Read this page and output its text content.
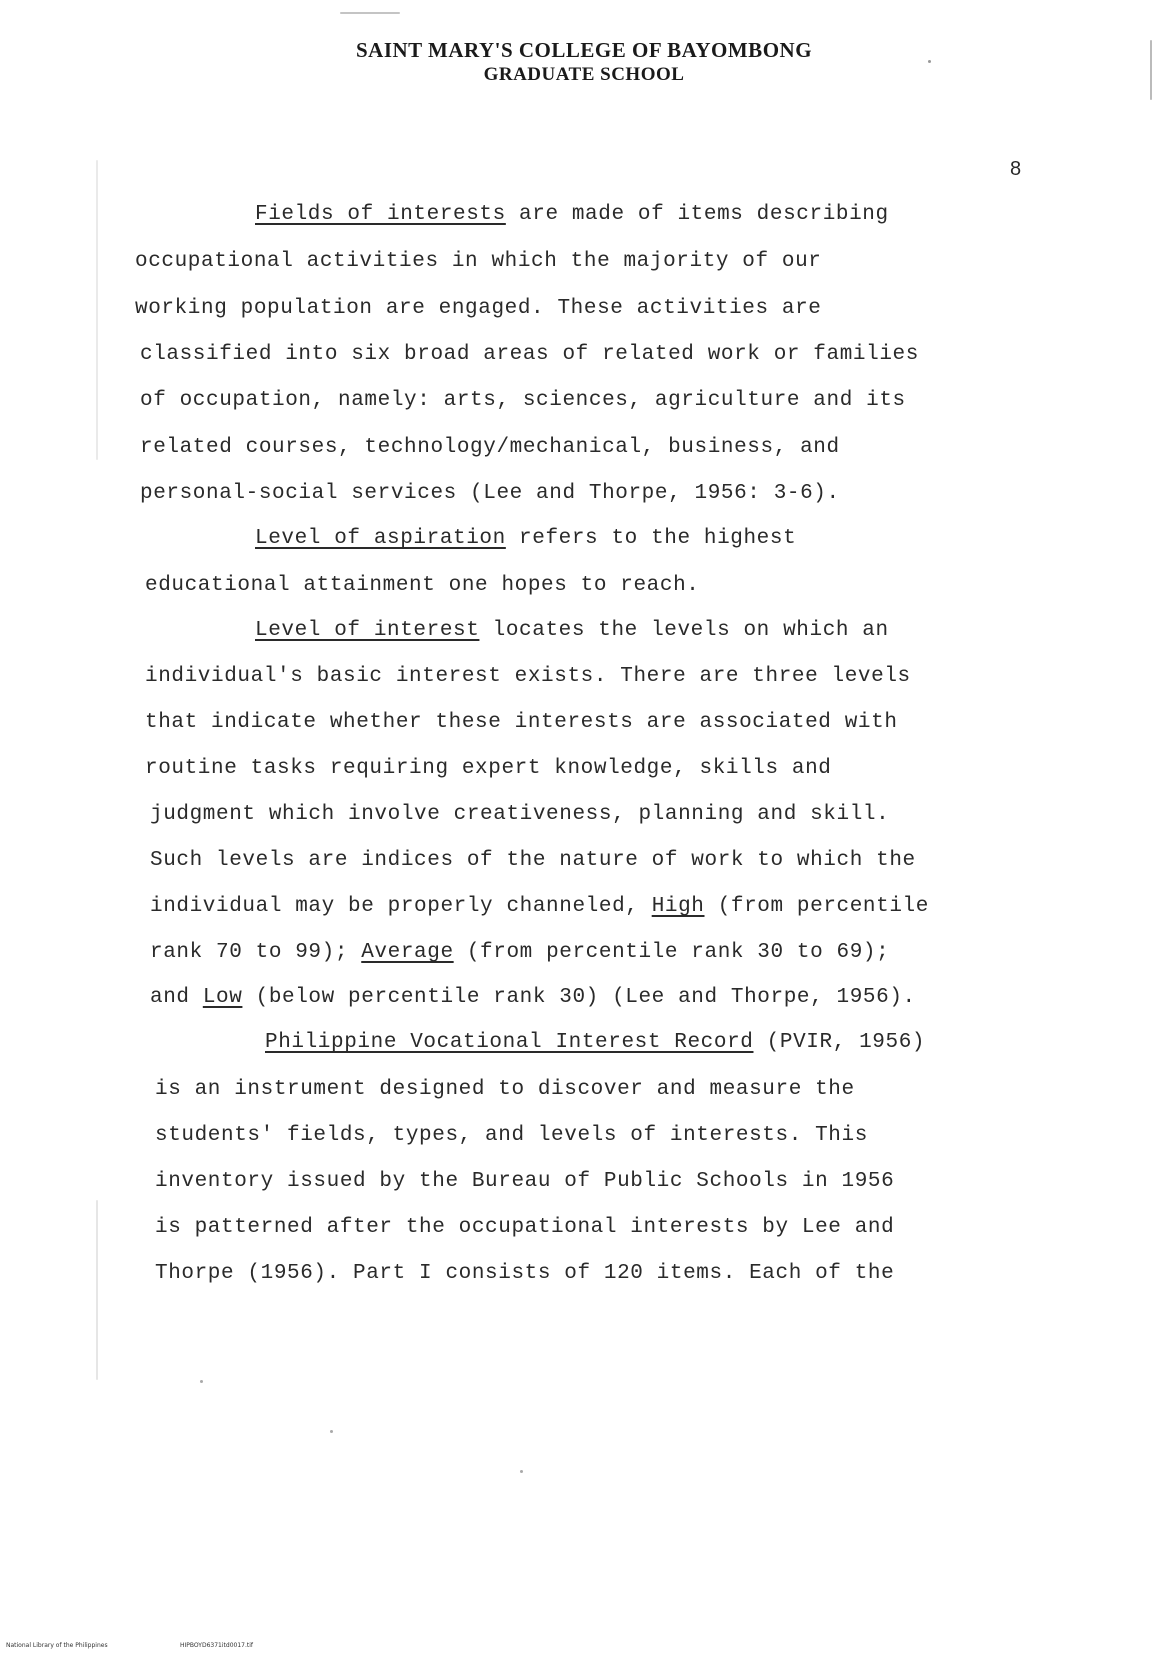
SAINT MARY'S COLLEGE OF BAYOMBONG
GRADUATE SCHOOL
8
Fields of interests are made of items describing
occupational activities in which the majority of our
working population are engaged. These activities are
classified into six broad areas of related work or families
of occupation, namely: arts, sciences, agriculture and its
related courses, technology/mechanical, business, and
personal-social services (Lee and Thorpe, 1956: 3-6).
Level of aspiration refers to the highest
educational attainment one hopes to reach.
Level of interest locates the levels on which an
individual's basic interest exists. There are three levels
that indicate whether these interests are associated with
routine tasks requiring expert knowledge, skills and
judgment which involve creativeness, planning and skill.
Such levels are indices of the nature of work to which the
individual may be properly channeled, High (from percentile
rank 70 to 99); Average (from percentile rank 30 to 69);
and Low (below percentile rank 30) (Lee and Thorpe, 1956).
Philippine Vocational Interest Record (PVIR, 1956)
is an instrument designed to discover and measure the
students' fields, types, and levels of interests. This
inventory issued by the Bureau of Public Schools in 1956
is patterned after the occupational interests by Lee and
Thorpe (1956). Part I consists of 120 items. Each of the
National Library of the Philippines	HIPBOYD6371itd0017.tif
